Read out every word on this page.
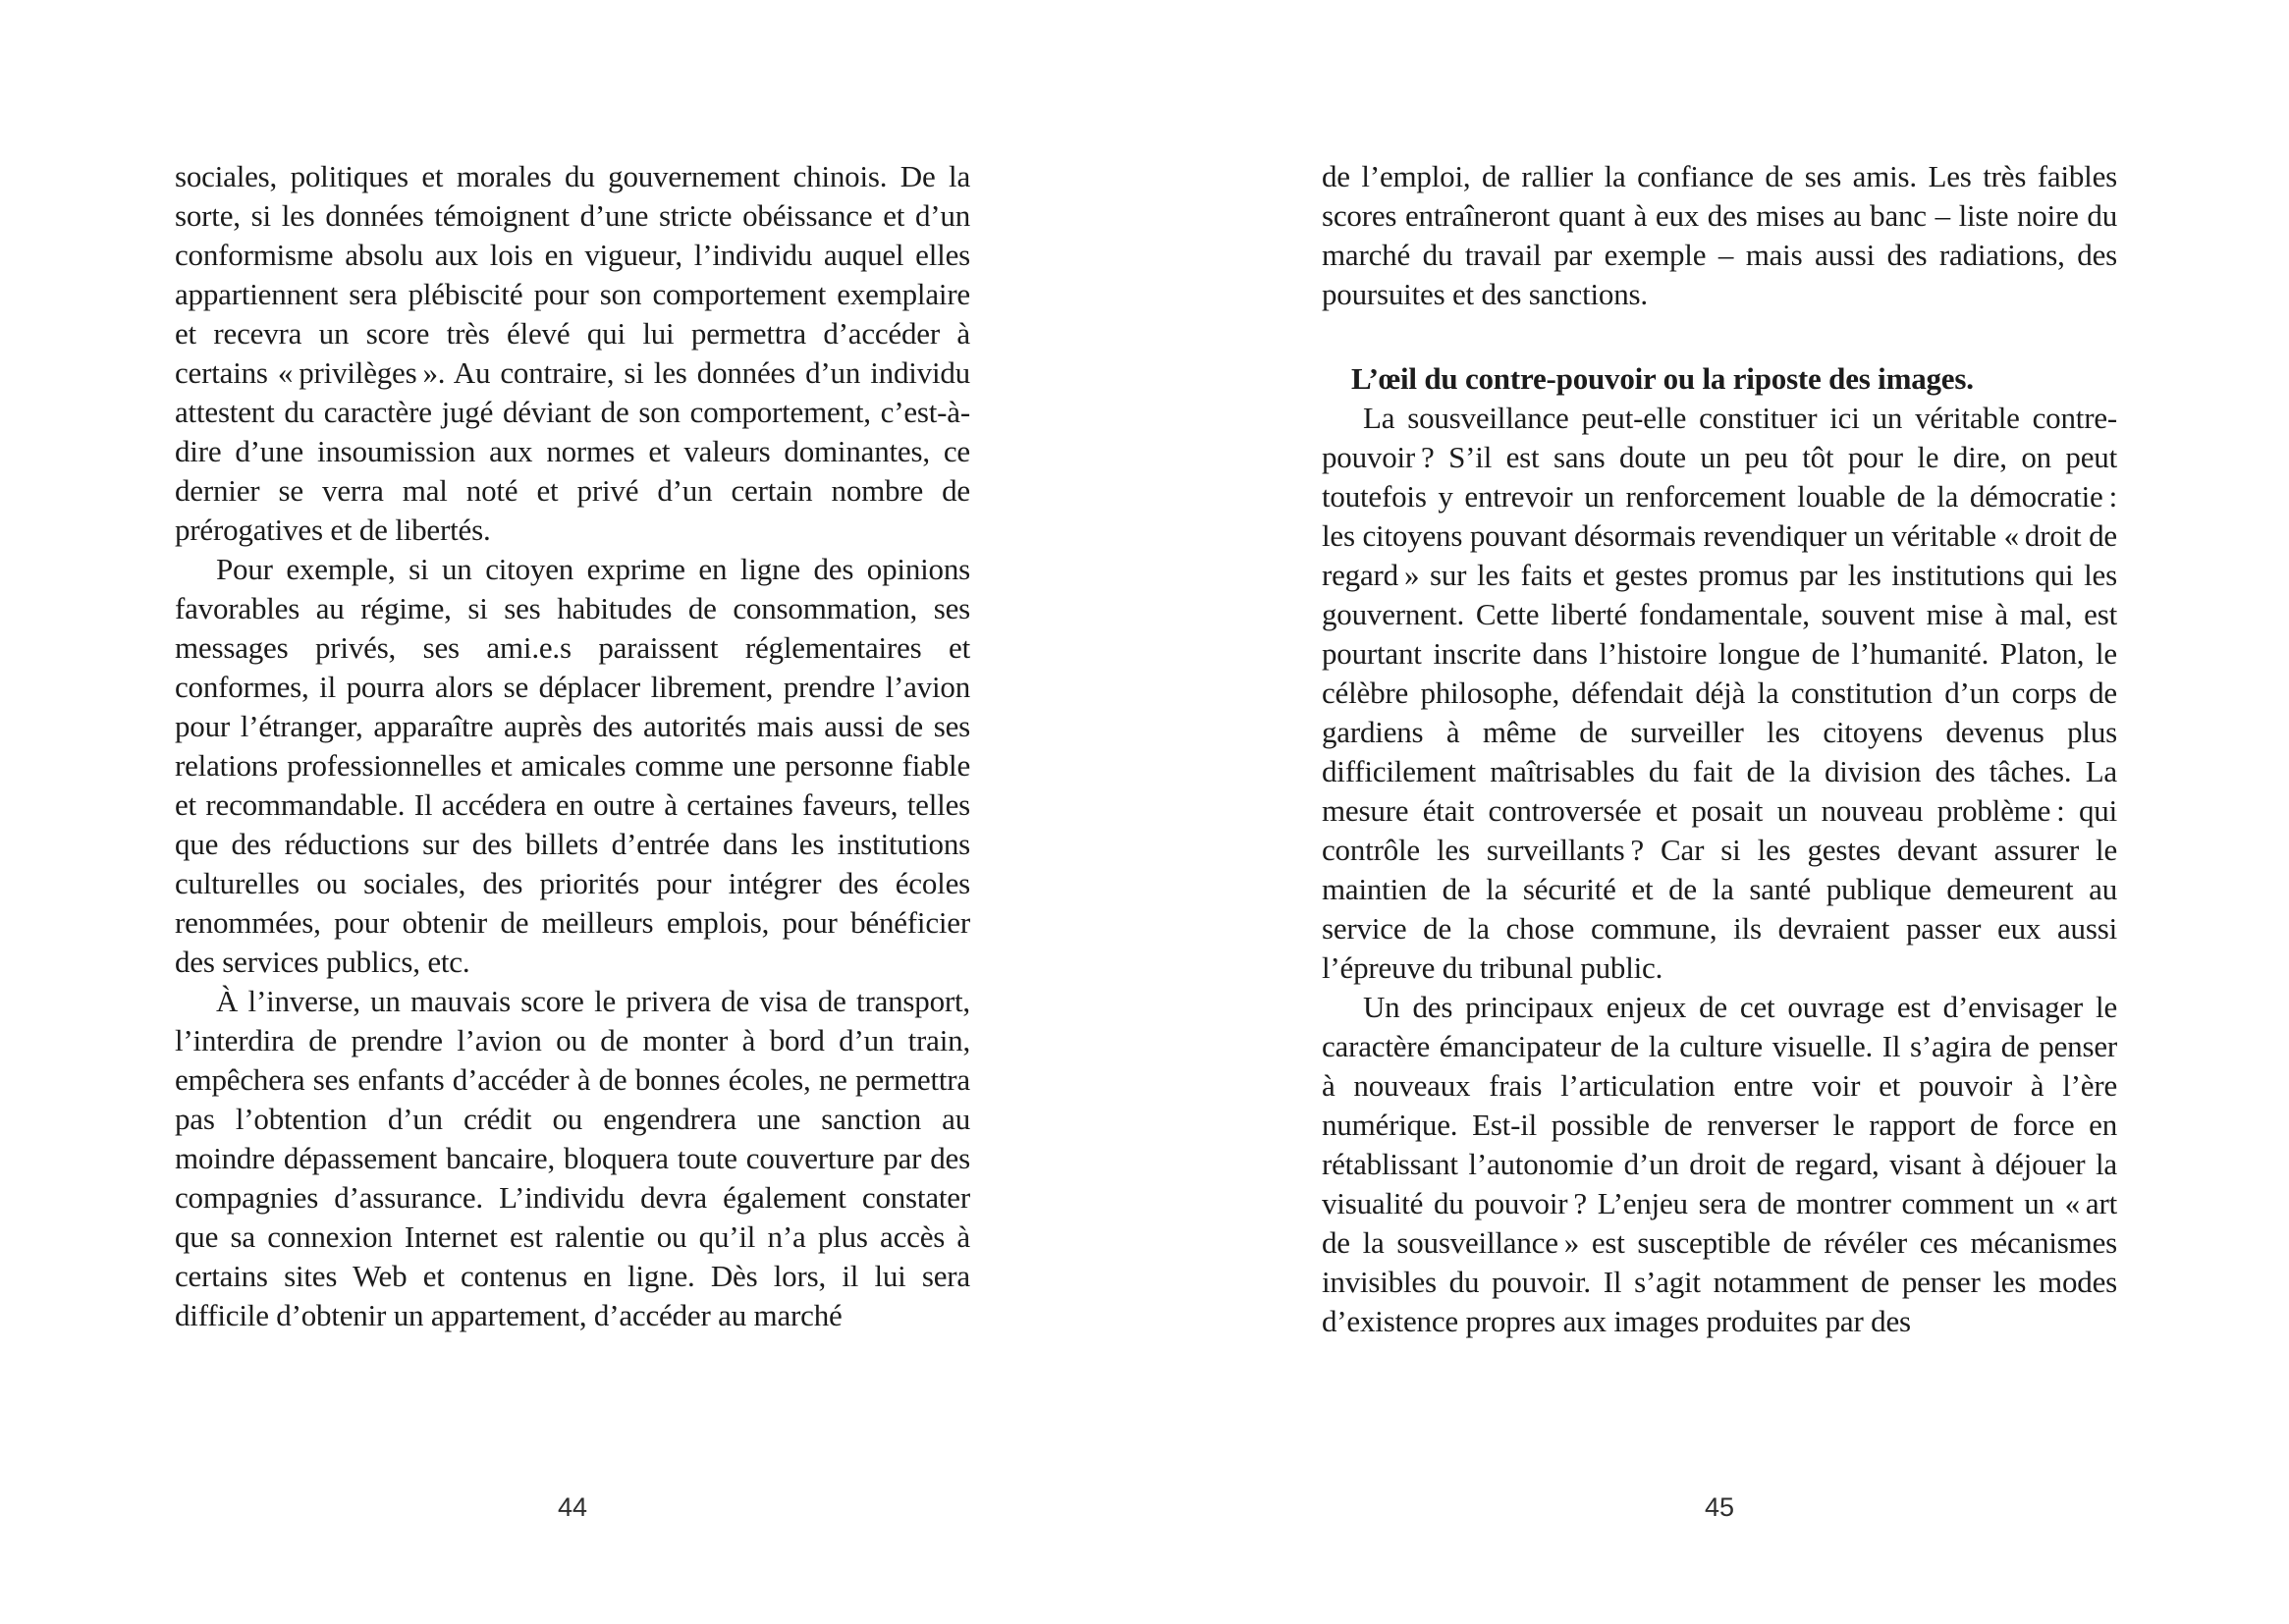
sociales, politiques et morales du gouvernement chinois. De la sorte, si les données témoignent d’une stricte obéissance et d’un conformisme absolu aux lois en vigueur, l’individu auquel elles appartiennent sera plébiscité pour son comportement exemplaire et recevra un score très élevé qui lui permettra d’accéder à certains « privilèges ». Au contraire, si les données d’un individu attestent du caractère jugé déviant de son comportement, c’est-à-dire d’une insoumission aux normes et valeurs dominantes, ce dernier se verra mal noté et privé d’un certain nombre de prérogatives et de libertés.

Pour exemple, si un citoyen exprime en ligne des opinions favorables au régime, si ses habitudes de consommation, ses messages privés, ses ami.e.s paraissent réglementaires et conformes, il pourra alors se déplacer librement, prendre l’avion pour l’étranger, apparaître auprès des autorités mais aussi de ses relations professionnelles et amicales comme une personne fiable et recommandable. Il accédera en outre à certaines faveurs, telles que des réductions sur des billets d’entrée dans les institutions culturelles ou sociales, des priorités pour intégrer des écoles renommées, pour obtenir de meilleurs emplois, pour bénéficier des services publics, etc.

À l’inverse, un mauvais score le privera de visa de transport, l’interdira de prendre l’avion ou de monter à bord d’un train, empêchera ses enfants d’accéder à de bonnes écoles, ne permettra pas l’obtention d’un crédit ou engendrera une sanction au moindre dépassement bancaire, bloquera toute couverture par des compagnies d’assurance. L’individu devra également constater que sa connexion Internet est ralentie ou qu’il n’a plus accès à certains sites Web et contenus en ligne. Dès lors, il lui sera difficile d’obtenir un appartement, d’accéder au marché

de l’emploi, de rallier la confiance de ses amis. Les très faibles scores entraîneront quant à eux des mises au banc – liste noire du marché du travail par exemple – mais aussi des radiations, des poursuites et des sanctions.

L’œil du contre-pouvoir ou la riposte des images.

La sousveillance peut-elle constituer ici un véritable contre-pouvoir ? S’il est sans doute un peu tôt pour le dire, on peut toutefois y entrevoir un renforcement louable de la démocratie : les citoyens pouvant désormais revendiquer un véritable « droit de regard » sur les faits et gestes promus par les institutions qui les gouvernent. Cette liberté fondamentale, souvent mise à mal, est pourtant inscrite dans l’histoire longue de l’humanité. Platon, le célèbre philosophe, défendait déjà la constitution d’un corps de gardiens à même de surveiller les citoyens devenus plus difficilement maîtrisables du fait de la division des tâches. La mesure était controversée et posait un nouveau problème : qui contrôle les surveillants ? Car si les gestes devant assurer le maintien de la sécurité et de la santé publique demeurent au service de la chose commune, ils devraient passer eux aussi l’épreuve du tribunal public.

Un des principaux enjeux de cet ouvrage est d’envisager le caractère émancipateur de la culture visuelle. Il s’agira de penser à nouveaux frais l’articulation entre voir et pouvoir à l’ère numérique. Est-il possible de renverser le rapport de force en rétablissant l’autonomie d’un droit de regard, visant à déjouer la visualité du pouvoir ? L’enjeu sera de montrer comment un « art de la sousveillance » est susceptible de révéler ces mécanismes invisibles du pouvoir. Il s’agit notamment de penser les modes d’existence propres aux images produites par des

44	45
